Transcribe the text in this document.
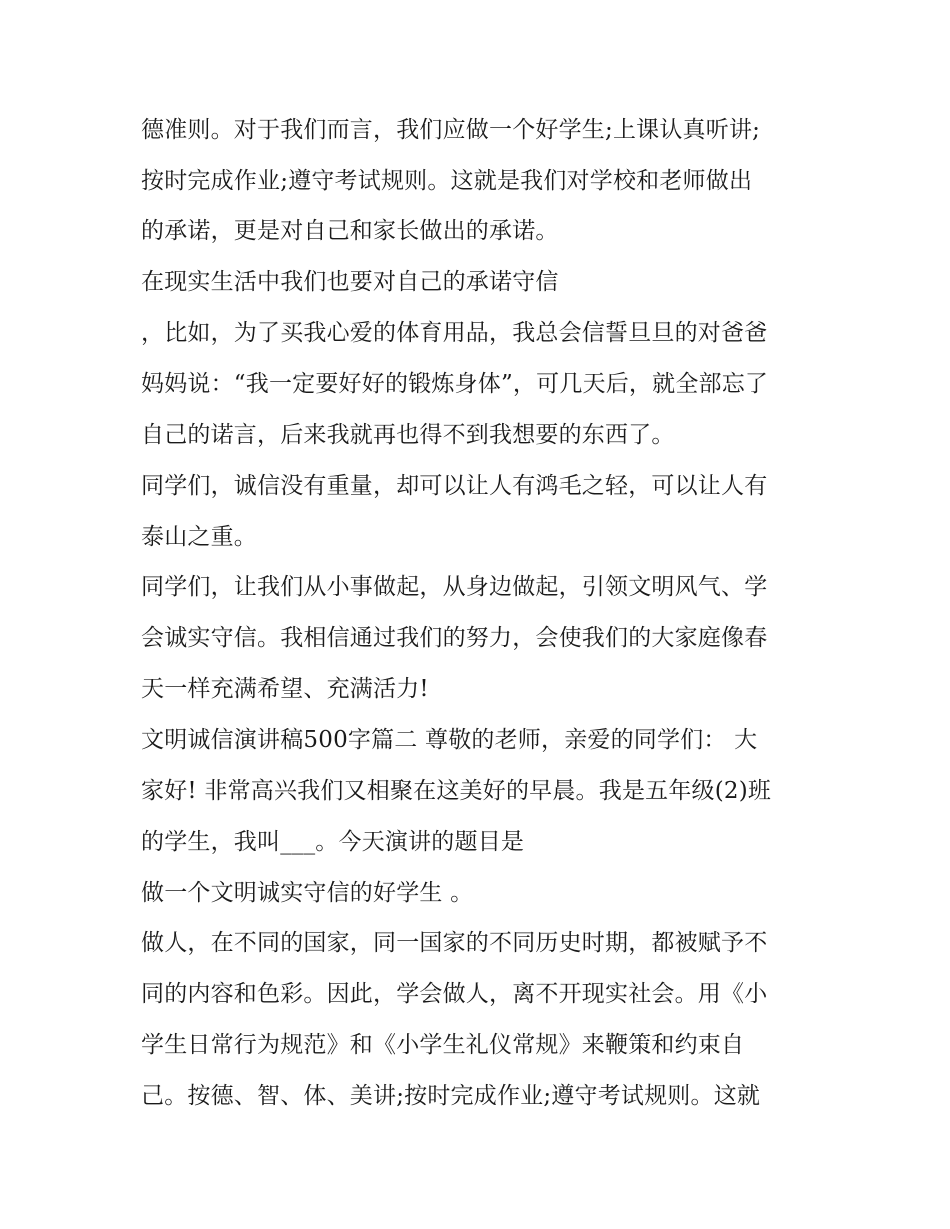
德准则。对于我们而言，我们应做一个好学生;上课认真听讲;

按时完成作业;遵守考试规则。这就是我们对学校和老师做出

的承诺，更是对自己和家长做出的承诺。

在现实生活中我们也要对自己的承诺守信

，比如，为了买我心爱的体育用品，我总会信誓旦旦的对爸爸

妈妈说：“我一定要好好的锻炼身体”，可几天后，就全部忘了

自己的诺言，后来我就再也得不到我想要的东西了。

同学们，诚信没有重量，却可以让人有鸿毛之轻，可以让人有

泰山之重。

同学们，让我们从小事做起，从身边做起，引领文明风气、学

会诚实守信。我相信通过我们的努力，会使我们的大家庭像春

天一样充满希望、充满活力!

文明诚信演讲稿500字篇二 尊敬的老师，亲爱的同学们： 大

家好! 非常高兴我们又相聚在这美好的早晨。我是五年级(2)班

的学生，我叫___。今天演讲的题目是

做一个文明诚实守信的好学生 。

做人，在不同的国家，同一国家的不同历史时期，都被赋予不

同的内容和色彩。因此，学会做人，离不开现实社会。用《小

学生日常行为规范》和《小学生礼仪常规》来鞭策和约束自

己。按德、智、体、美讲;按时完成作业;遵守考试规则。这就
